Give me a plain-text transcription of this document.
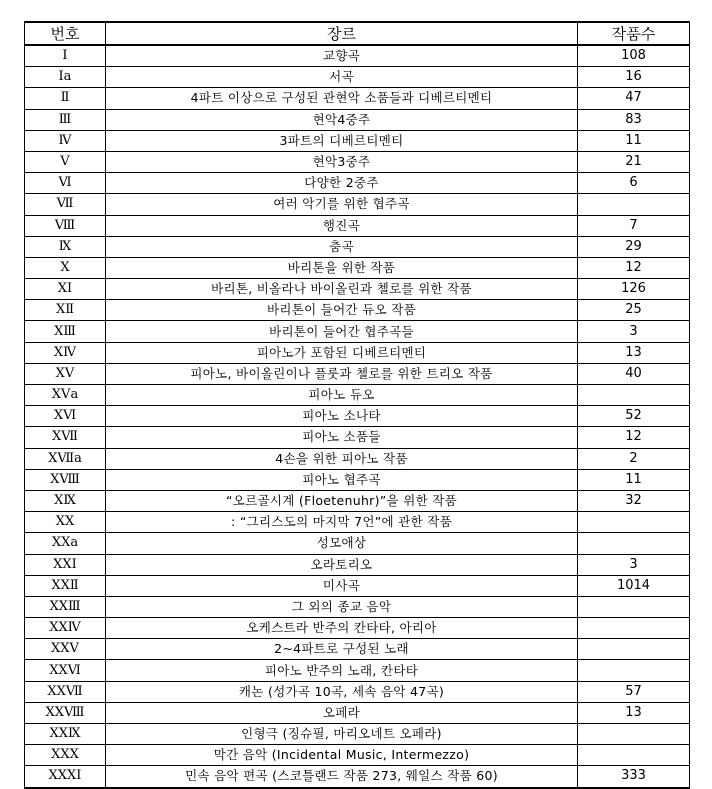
번호	장르	작품수
Ⅰ	교향곡	108
Ⅰa	서곡	16
Ⅱ	4파트 이상으로 구성된 관현악 소품들과 디베르티멘티	47
Ⅲ	현악4중주	83
Ⅳ	3파트의 디베르티멘티	11
Ⅴ	현악3중주	21
Ⅵ	다양한 2중주	6
Ⅶ	여러 악기를 위한 협주곡	
Ⅷ	행진곡	7
Ⅸ	춤곡	29
Ⅹ	바리톤을 위한 작품	12
ⅩⅠ	바리톤, 비올라나 바이올린과 첼로를 위한 작품	126
ⅩⅡ	바리톤이 들어간 듀오 작품	25
ⅩⅢ	바리톤이 들어간 협주곡들	3
ⅩⅣ	피아노가 포함된 디베르티멘티	13
ⅩⅤ	피아노, 바이올린이나 플룻과 첼로를 위한 트리오 작품	40
ⅩⅤa	피아노 듀오	
ⅩⅥ	피아노 소나타	52
ⅩⅦ	피아노 소품들	12
ⅩⅦa	4손을 위한 피아노 작품	2
ⅩⅧ	피아노 협주곡	11
ⅩⅨ	“오르골시계 (Floetenuhr)”을 위한 작품	32
ⅩⅩ	: “그리스도의 마지막 7언”에 관한 작품	
ⅩⅩa	성모애상	
ⅩⅩⅠ	오라토리오	3
ⅩⅩⅡ	미사곡	1014
ⅩⅩⅢ	그 외의 종교 음악	
ⅩⅩⅣ	오케스트라 반주의 칸타타, 아리아	
ⅩⅩⅤ	2~4파트로 구성된 노래	
ⅩⅩⅥ	피아노 반주의 노래, 칸타타	
ⅩⅩⅦ	캐논 (성가곡 10곡, 세속 음악 47곡)	57
ⅩⅩⅧ	오페라	13
ⅩⅩⅨ	인형극 (징슈필, 마리오네트 오페라)	
ⅩⅩⅩ	막간 음악 (Incidental Music, Intermezzo)	
ⅩⅩⅩⅠ	민속 음악 편곡 (스코틀랜드 작품 273, 웨일스 작품 60)	333
